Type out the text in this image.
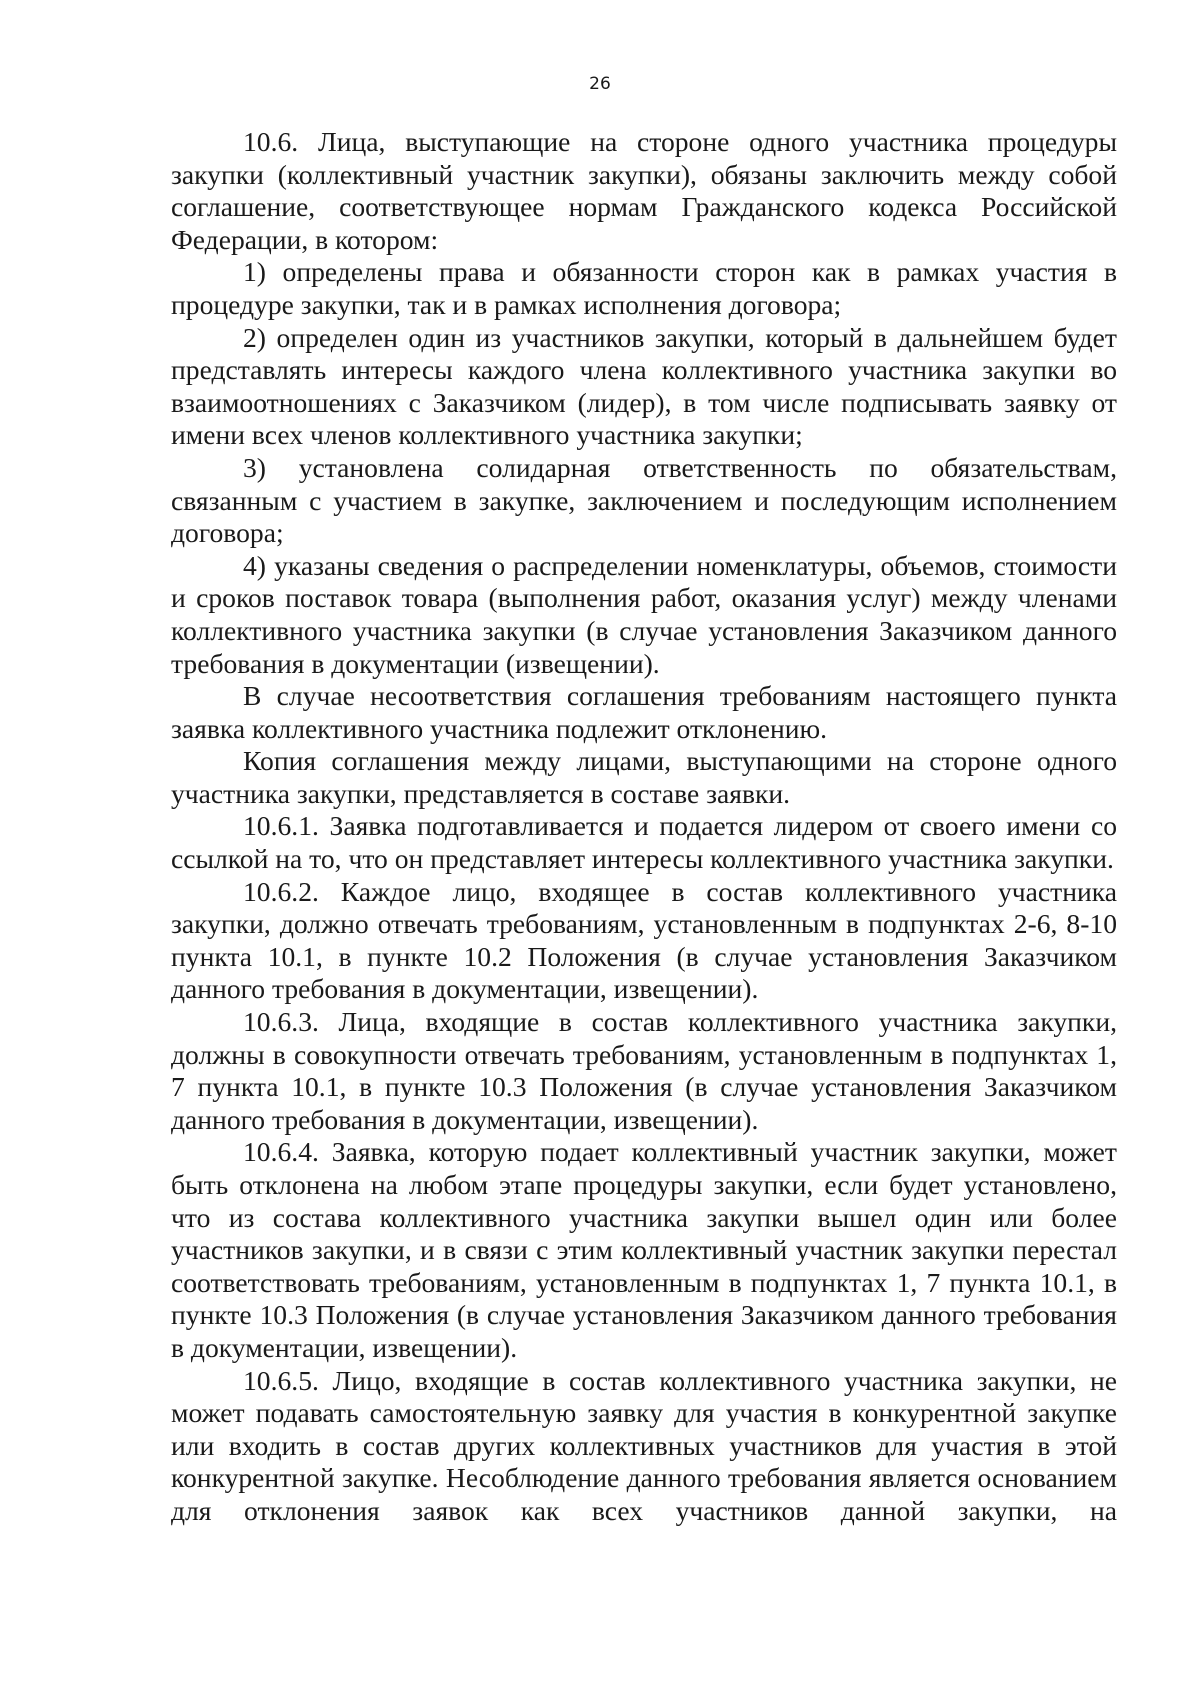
26

10.6. Лица, выступающие на стороне одного участника процедуры закупки (коллективный участник закупки), обязаны заключить между собой соглашение, соответствующее нормам Гражданского кодекса Российской Федерации, в котором:

1) определены права и обязанности сторон как в рамках участия в процедуре закупки, так и в рамках исполнения договора;

2) определен один из участников закупки, который в дальнейшем будет представлять интересы каждого члена коллективного участника закупки во взаимоотношениях с Заказчиком (лидер), в том числе подписывать заявку от имени всех членов коллективного участника закупки;

3) установлена солидарная ответственность по обязательствам, связанным с участием в закупке, заключением и последующим исполнением договора;

4) указаны сведения о распределении номенклатуры, объемов, стоимости и сроков поставок товара (выполнения работ, оказания услуг) между членами коллективного участника закупки (в случае установления Заказчиком данного требования в документации (извещении).

В случае несоответствия соглашения требованиям настоящего пункта заявка коллективного участника подлежит отклонению.

Копия соглашения между лицами, выступающими на стороне одного участника закупки, представляется в составе заявки.

10.6.1. Заявка подготавливается и подается лидером от своего имени со ссылкой на то, что он представляет интересы коллективного участника закупки.

10.6.2. Каждое лицо, входящее в состав коллективного участника закупки, должно отвечать требованиям, установленным в подпунктах 2-6, 8-10 пункта 10.1, в пункте 10.2 Положения (в случае установления Заказчиком данного требования в документации, извещении).

10.6.3. Лица, входящие в состав коллективного участника закупки, должны в совокупности отвечать требованиям, установленным в подпунктах 1, 7 пункта 10.1, в пункте 10.3 Положения (в случае установления Заказчиком данного требования в документации, извещении).

10.6.4. Заявка, которую подает коллективный участник закупки, может быть отклонена на любом этапе процедуры закупки, если будет установлено, что из состава коллективного участника закупки вышел один или более участников закупки, и в связи с этим коллективный участник закупки перестал соответствовать требованиям, установленным в подпунктах 1, 7 пункта 10.1, в пункте 10.3 Положения (в случае установления Заказчиком данного требования в документации, извещении).

10.6.5. Лицо, входящие в состав коллективного участника закупки, не может подавать самостоятельную заявку для участия в конкурентной закупке или входить в состав других коллективных участников для участия в этой конкурентной закупке. Несоблюдение данного требования является основанием для отклонения заявок как всех участников данной закупки, на
